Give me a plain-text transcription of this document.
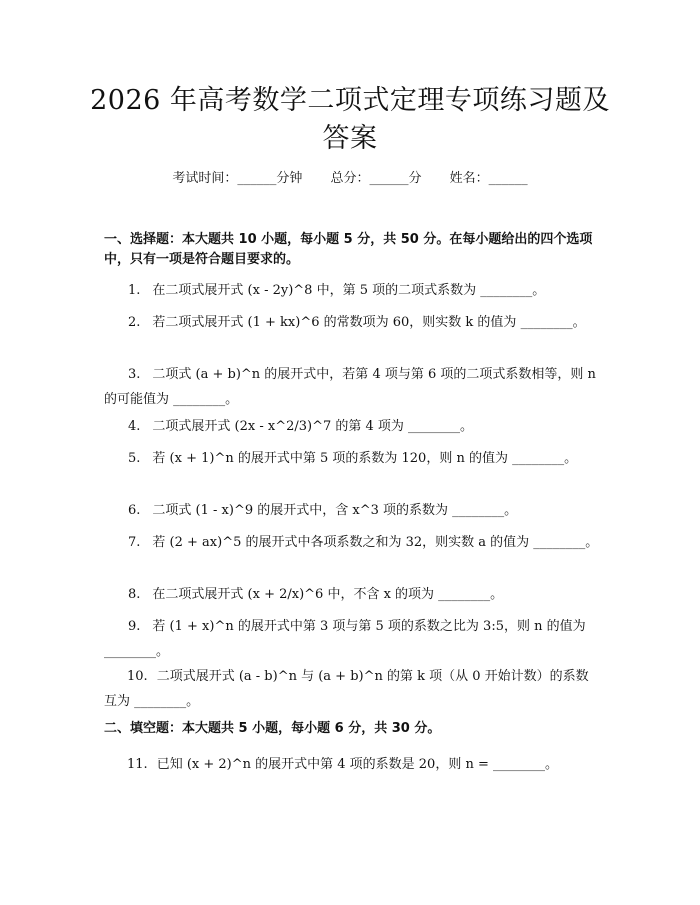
2026 年高考数学二项式定理专项练习题及答案
考试时间：______分钟 总分：______分 姓名：______
一、选择题：本大题共 10 小题，每小题 5 分，共 50 分。在每小题给出的四个选项中，只有一项是符合题目要求的。
1. 在二项式展开式 (x - 2y)^8 中，第 5 项的二项式系数为 ________。
2. 若二项式展开式 (1 + kx)^6 的常数项为 60，则实数 k 的值为 ________。
3. 二项式 (a + b)^n 的展开式中，若第 4 项与第 6 项的二项式系数相等，则 n 的可能值为 ________。
4. 二项式展开式 (2x - x^2/3)^7 的第 4 项为 ________。
5. 若 (x + 1)^n 的展开式中第 5 项的系数为 120，则 n 的值为 ________。
6. 二项式 (1 - x)^9 的展开式中，含 x^3 项的系数为 ________。
7. 若 (2 + ax)^5 的展开式中各项系数之和为 32，则实数 a 的值为 ________。
8. 在二项式展开式 (x + 2/x)^6 中，不含 x 的项为 ________。
9. 若 (1 + x)^n 的展开式中第 3 项与第 5 项的系数之比为 3:5，则 n 的值为 ________。
10. 二项式展开式 (a - b)^n 与 (a + b)^n 的第 k 项（从 0 开始计数）的系数互为 ________。
二、填空题：本大题共 5 小题，每小题 6 分，共 30 分。
11. 已知 (x + 2)^n 的展开式中第 4 项的系数是 20，则 n = ________。
